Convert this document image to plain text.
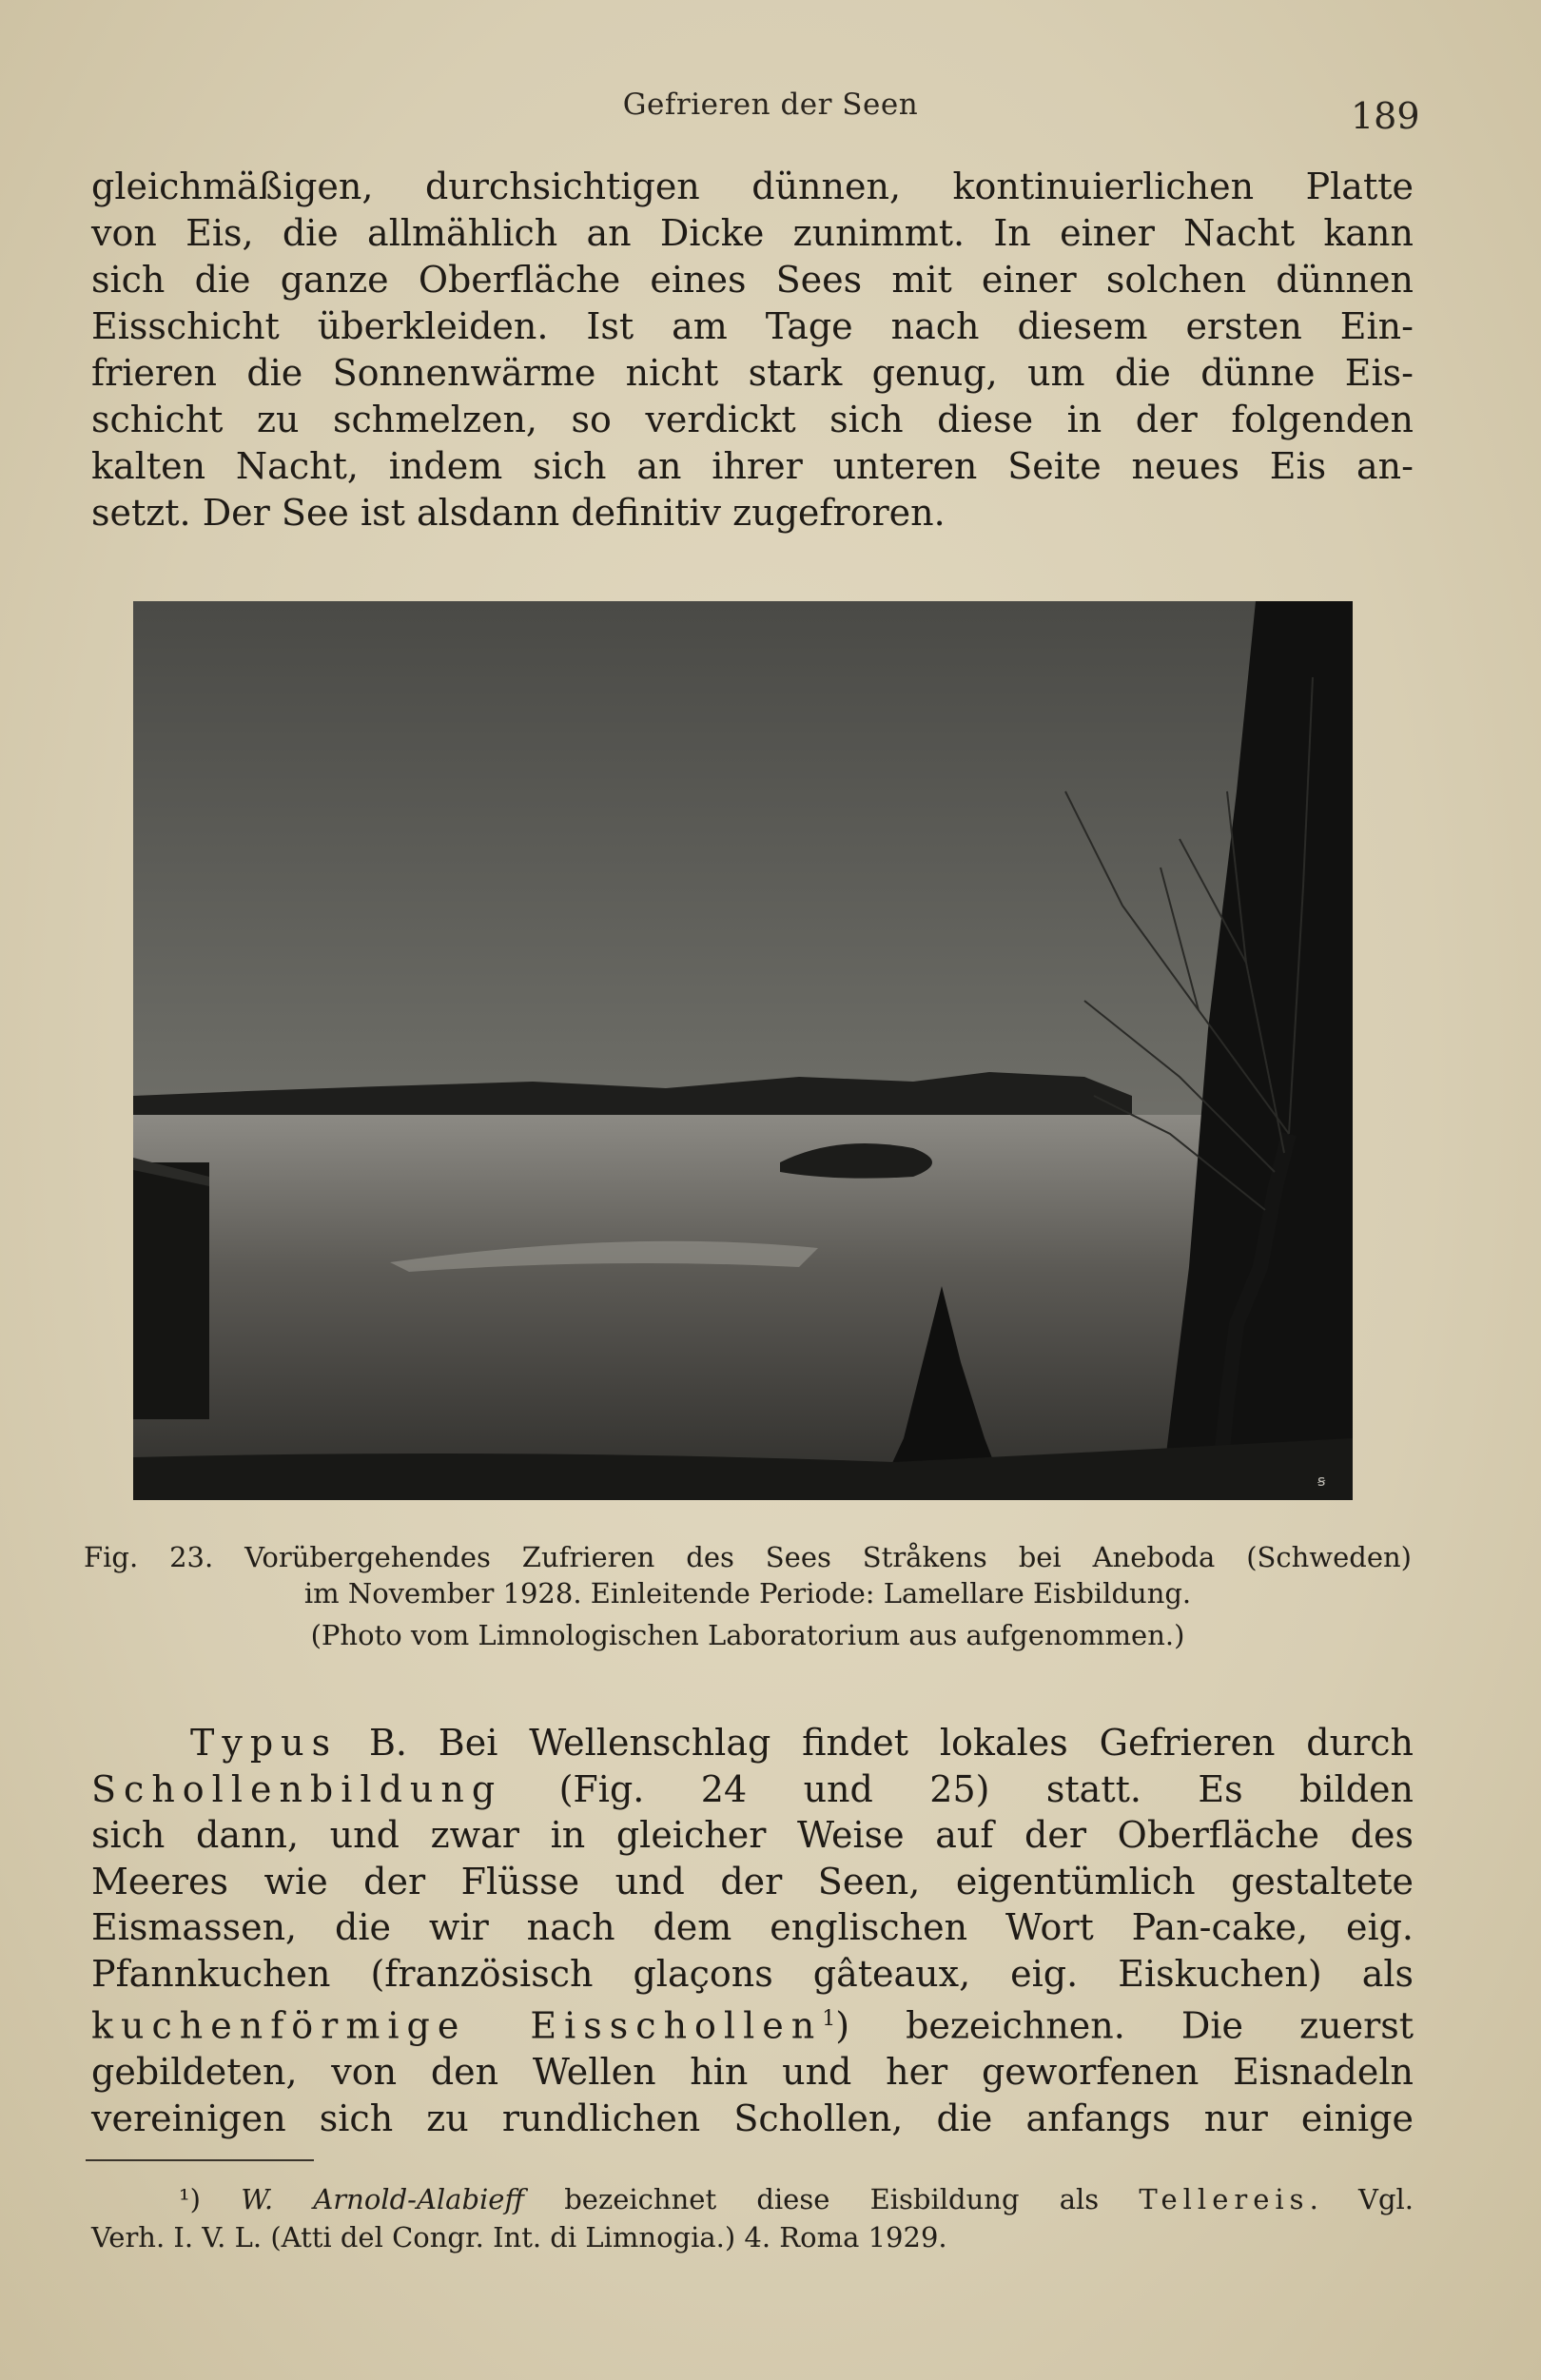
Gefrieren der Seen	189
gleichmäßigen, durchsichtigen dünnen, kontinuierlichen Platte
von Eis, die allmählich an Dicke zunimmt. In einer Nacht kann
sich die ganze Oberfläche eines Sees mit einer solchen dünnen
Eisschicht überkleiden. Ist am Tage nach diesem ersten Ein-
frieren die Sonnenwärme nicht stark genug, um die dünne Eis-
schicht zu schmelzen, so verdickt sich diese in der folgenden
kalten Nacht, indem sich an ihrer unteren Seite neues Eis an-
setzt. Der See ist alsdann definitiv zugefroren.
ꞩ
Fig. 23. Vorübergehendes Zufrieren des Sees Stråkens bei Aneboda (Schweden)
im November 1928. Einleitende Periode: Lamellare Eisbildung.
(Photo vom Limnologischen Laboratorium aus aufgenommen.)
Typus B. Bei Wellenschlag findet lokales Gefrieren durch
Schollenbildung (Fig. 24 und 25) statt. Es bilden
sich dann, und zwar in gleicher Weise auf der Oberfläche des
Meeres wie der Flüsse und der Seen, eigentümlich gestaltete
Eismassen, die wir nach dem englischen Wort Pan-cake, eig.
Pfannkuchen (französisch glaçons gâteaux, eig. Eiskuchen) als
kuchenförmige Eisschollen$^1$) bezeichnen. Die zuerst
gebildeten, von den Wellen hin und her geworfenen Eisnadeln
vereinigen sich zu rundlichen Schollen, die anfangs nur einige
¹) W. Arnold-Alabieff bezeichnet diese Eisbildung als Tellereis. Vgl.
Verh. I. V. L. (Atti del Congr. Int. di Limnogia.) 4. Roma 1929.
